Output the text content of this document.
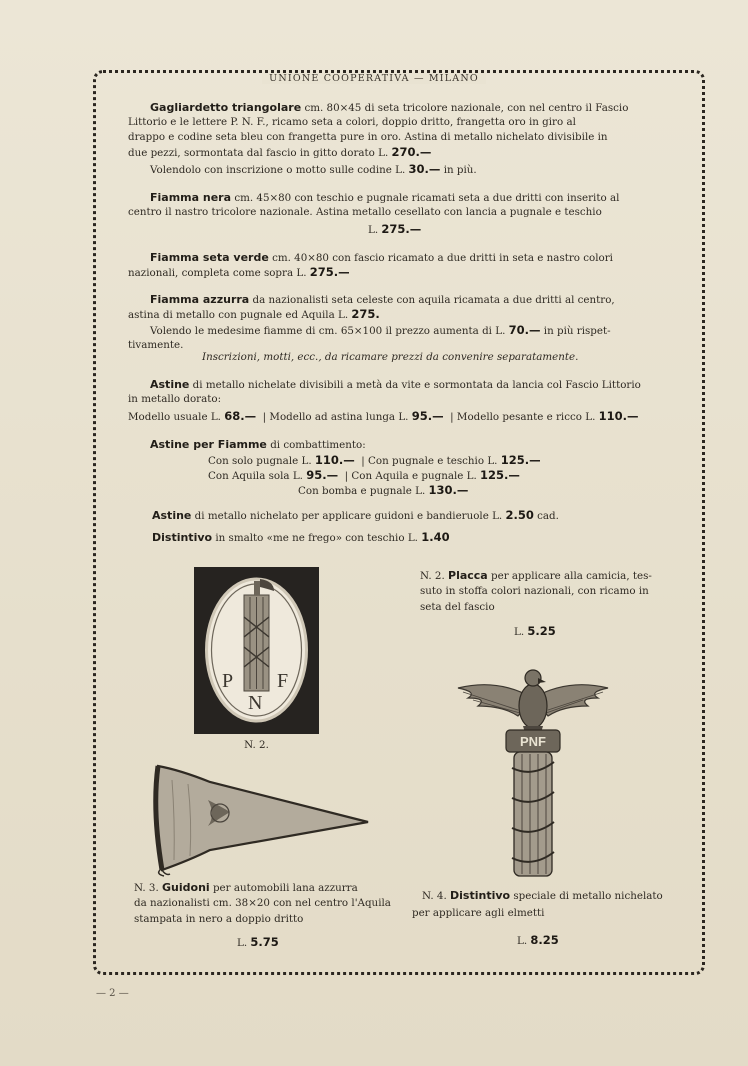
UNIONE COOPERATIVA — MILANO
Gagliardetto triangolare cm. 80×45 di seta tricolore nazionale, con nel centro il Fascio
Littorio e le lettere P. N. F., ricamo seta a colori, doppio dritto, frangetta oro in giro al
drappo e codine seta bleu con frangetta pure in oro. Astina di metallo nichelato divisibile in
due pezzi, sormontata dal fascio in gitto dorato L. 270.—
Volendolo con inscrizione o motto sulle codine L. 30.— in più.
Fiamma nera cm. 45×80 con teschio e pugnale ricamati seta a due dritti con inserito al
centro il nastro tricolore nazionale. Astina metallo cesellato con lancia a pugnale e teschio
L. 275.—
Fiamma seta verde cm. 40×80 con fascio ricamato a due dritti in seta e nastro colori
nazionali, completa come sopra L. 275.—
Fiamma azzurra da nazionalisti seta celeste con aquila ricamata a due dritti al centro,
astina di metallo con pugnale ed Aquila L. 275.
Volendo le medesime fiamme di cm. 65×100 il prezzo aumenta di L. 70.— in più rispet-
tivamente.
Inscrizioni, motti, ecc., da ricamare prezzi da convenire separatamente.
Astine di metallo nichelate divisibili a metà da vite e sormontata da lancia col Fascio Littorio
in metallo dorato:
Modello usuale L. 68.— | Modello ad astina lunga L. 95.— | Modello pesante e ricco L. 110.—
Astine per Fiamme di combattimento:
Con solo pugnale L. 110.— | Con pugnale e teschio L. 125.—
Con Aquila sola L. 95.— | Con Aquila e pugnale L. 125.—
Con bomba e pugnale L. 130.—
Astine di metallo nichelato per applicare guidoni e bandieruole L. 2.50 cad.
Distintivo in smalto «me ne frego» con teschio L. 1.40
P F
N
N. 2.
N. 2. Placca per applicare alla camicia, tes-
suto in stoffa colori nazionali, con ricamo in
seta del fascio
L. 5.25
N. 3. Guidoni per automobili lana azzurra
da nazionalisti cm. 38×20 con nel centro l'Aquila
stampata in nero a doppio dritto
L. 5.75
PNF
N. 4. Distintivo speciale di metallo nichelato
per applicare agli elmetti
L. 8.25
— 2 —
